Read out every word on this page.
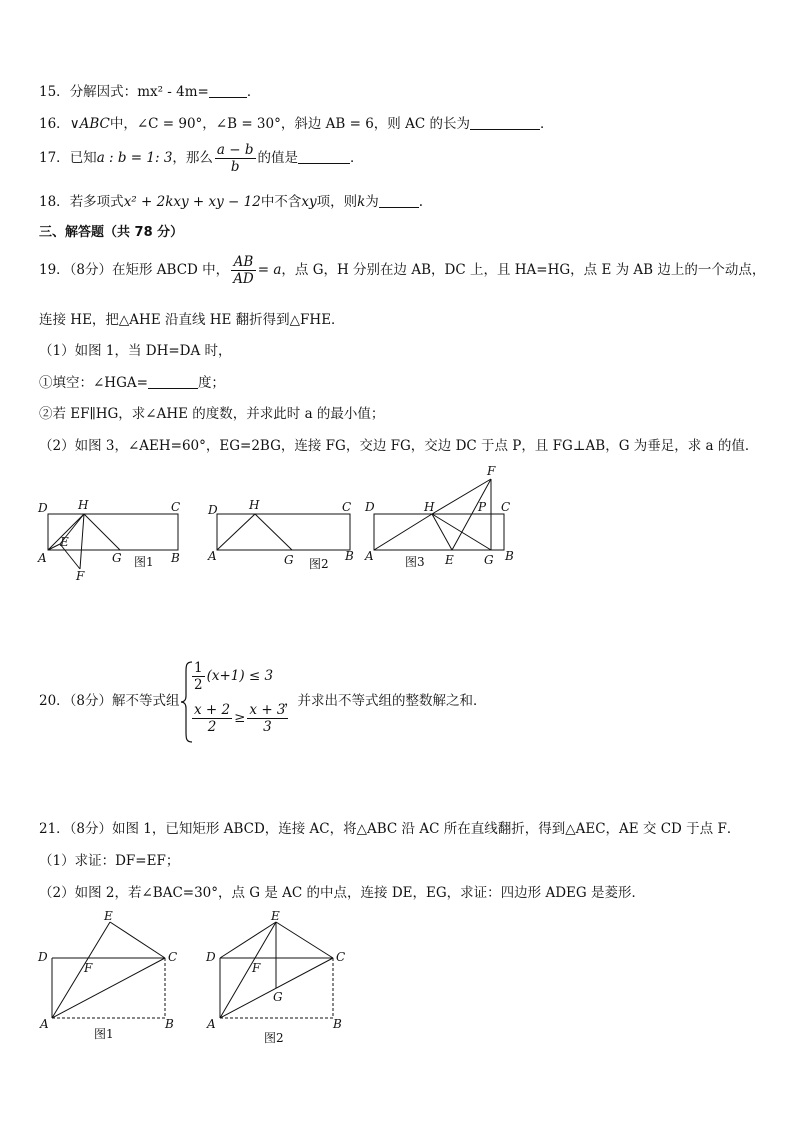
15．分解因式：mx² - 4m=	．
16．∨ABC中，∠C = 90°，∠B = 30°，斜边 AB = 6，则 AC 的长为	．
17．已知a : b = 1: 3，那么 $\frac{a - b}{b}$ 的值是	．
18．若多项式x² + 2kxy + xy − 12中不含xy项，则k为	.
三、解答题（共 78 分）
19．（8分）在矩形 ABCD 中， $\frac{AB}{AD} = a$，点 G，H 分别在边 AB，DC 上，且 HA=HG，点 E 为 AB 边上的一个动点，
连接 HE，把△AHE 沿直线 HE 翻折得到△FHE．
（1）如图 1，当 DH=DA 时，
①填空：∠HGA=	度；
②若 EF∥HG，求∠AHE 的度数，并求此时 a 的最小值；
（2）如图 3，∠AEH=60°，EG=2BG，连接 FG，交边 FG，交边 DC 于点 P，且 FG⊥AB，G 为垂足，求 a 的值．
D	H	C
A
E
G	B
F
D	H	C
A	G	B
F
D	H	P C
A	E	G B
图1	图2	图3
20．（8分）解不等式组
$\frac{1}{2} (x+1) \le 3$
$\frac{x + 2}{2} \ge \frac{x + 3}{3}$
，并求出不等式组的整数解之和．
21．（8分）如图 1，已知矩形 ABCD，连接 AC，将△ABC 沿 AC 所在直线翻折，得到△AEC，AE 交 CD 于点 F．
（1）求证：DF=EF；
（2）如图 2，若∠BAC=30°，点 G 是 AC 的中点，连接 DE，EG，求证：四边形 ADEG 是菱形．
E
D
F
C
A	B
E
D
F
C
G
A	B
图1	图2
